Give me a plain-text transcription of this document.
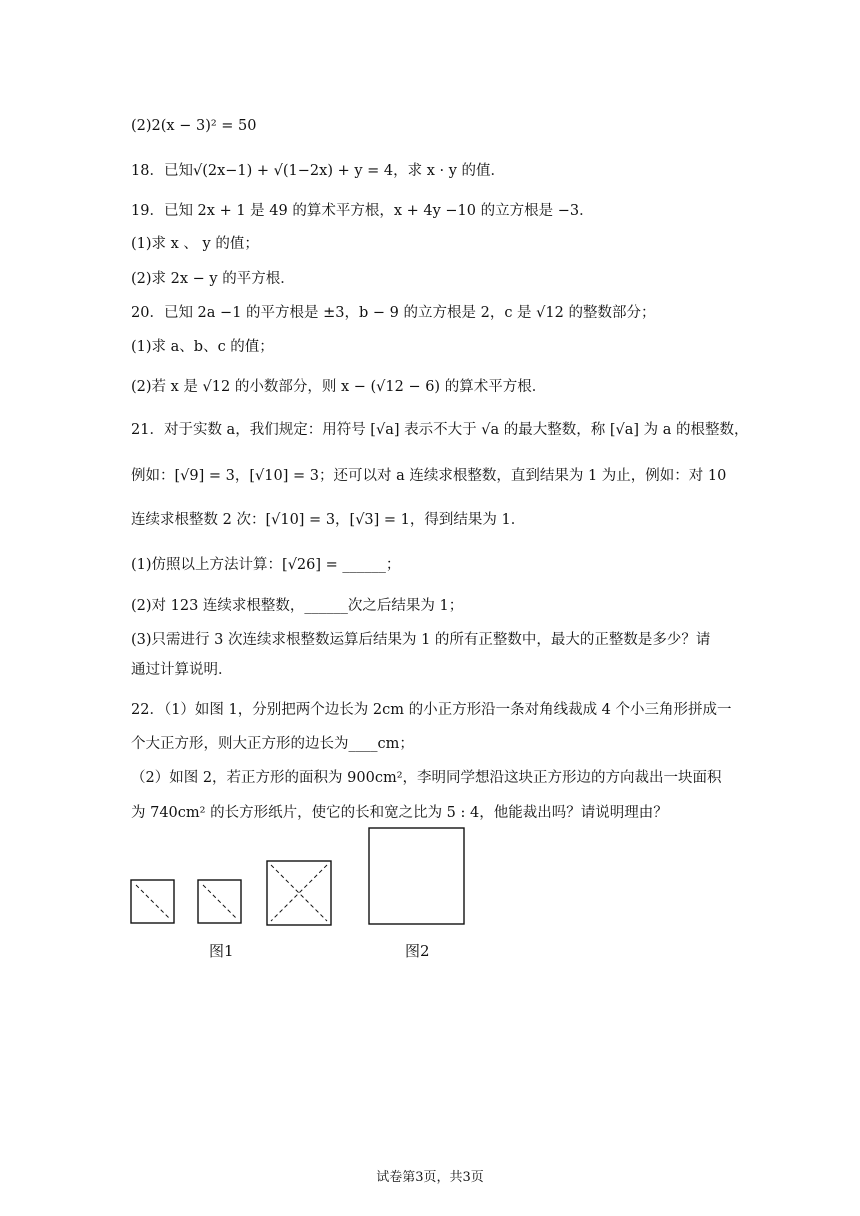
(2)2(x − 3)² = 50
18．已知√(2x−1) + √(1−2x) + y = 4，求 x · y 的值．
19．已知 2x + 1 是 49 的算术平方根，x + 4y −10 的立方根是 −3．
(1)求 x 、 y 的值；
(2)求 2x − y 的平方根．
20．已知 2a −1 的平方根是 ±3，b − 9 的立方根是 2，c 是 √12 的整数部分；
(1)求 a、b、c 的值；
(2)若 x 是 √12 的小数部分，则 x − (√12 − 6) 的算术平方根．
21．对于实数 a，我们规定：用符号 [√a] 表示不大于 √a 的最大整数，称 [√a] 为 a 的根整数，
例如：[√9] = 3，[√10] = 3；还可以对 a 连续求根整数，直到结果为 1 为止，例如：对 10
连续求根整数 2 次：[√10] = 3，[√3] = 1，得到结果为 1．
(1)仿照以上方法计算：[√26] = ______；
(2)对 123 连续求根整数，______次之后结果为 1；
(3)只需进行 3 次连续求根整数运算后结果为 1 的所有正整数中，最大的正整数是多少？请
通过计算说明．
22．（1）如图 1，分别把两个边长为 2cm 的小正方形沿一条对角线裁成 4 个小三角形拼成一
个大正方形，则大正方形的边长为____cm；
（2）如图 2，若正方形的面积为 900cm²，李明同学想沿这块正方形边的方向裁出一块面积
为 740cm² 的长方形纸片，使它的长和宽之比为 5 : 4，他能裁出吗？请说明理由？
图1	图2
试卷第3页，共3页
